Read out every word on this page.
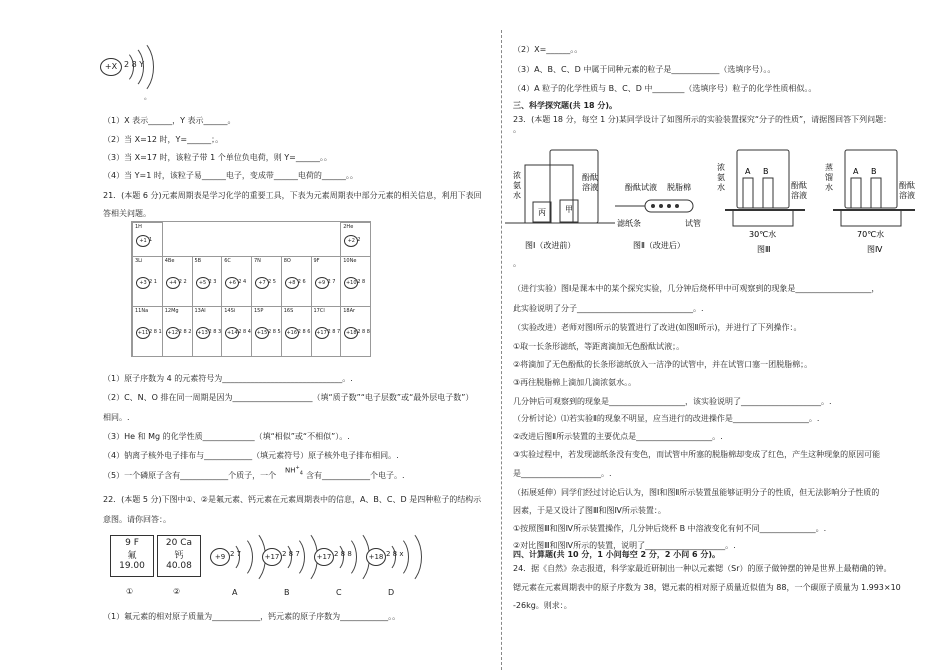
+X 2 8 Y
。
（1）X 表示______，Y 表示______。
（2）当 X=12 时，Y=______；。
（3）当 X=17 时，该粒子带 1 个单位负电荷，则 Y=______。。
（4）当 Y=1 时，该粒子易______电子，变成带______电荷的______。。
21．(本题 6 分)元素周期表是学习化学的重要工具，下表为元素周期表中部分元素的相关信息，利用下表回
答相关问题。
1H
+1 1
2He
+2 2
3Li
+3 2 1
4Be
+4 2 2
5B
+5 2 3
6C
+6 2 4
7N
+7 2 5
8O
+8 2 6
9F
+9 2 7
10Ne
+10 2 8
11Na
+11 2 8 1
12Mg
+12 2 8 2
13Al
+13 2 8 3
14Si
+14 2 8 4
15P
+15 2 8 5
16S
+16 2 8 6
17Cl
+17 2 8 7
18Ar
+18 2 8 8
（1）原子序数为 4 的元素符号为______________________________。.
（2）C、N、O 排在同一周期是因为____________________（填“质子数”“电子层数”或“最外层电子数”）
相同。.
（3）He 和 Mg 的化学性质_____________（填“相似”或“不相似”）。.
（4）钠离子核外电子排布与____________（填元素符号）原子核外电子排布相同。.
（5）一个磷原子含有____________个质子，一个
$NH^+_4$ 含有____________个电子。.
22．(本题 5 分)下图中①、②是氟元素、钙元素在元素周期表中的信息，A、B、C、D 是四种粒子的结构示
意图。请你回答：。
9 F
氟
19.00
①
20 Ca
钙
40.08
②
+9 2 7
A
+17 2 8 7
B
+17 2 8 8
C
+18 2 8 x
D
（1）氟元素的相对原子质量为____________，钙元素的原子序数为____________。。
（2）X=______。。
（3）A、B、C、D 中属于同种元素的粒子是____________（选填序号）。。
（4）A 粒子的化学性质与 B、C、D 中________（选填序号）粒子的化学性质相似。。
三、科学探究题(共 18 分)。
23．(本题 18 分，每空 1 分)某同学设计了如图所示的实验装置探究“分子的性质”，请据图回答下列问题：
。
浓氨水
丙 甲
酚酞溶液
图Ⅰ（改进前）
酚酞试液 脱脂棉
滤纸条	试管
图Ⅱ（改进后）
浓氨水
A B
酚酞溶液
30℃水
图Ⅲ
蒸馏水
A B
酚酞溶液
70℃水
图Ⅳ
。
（进行实验）图Ⅰ是课本中的某个探究实验，几分钟后烧杯甲中可观察到的现象是___________________，
此实验说明了分子_____________________________。.
（实验改进）老师对图Ⅰ所示的装置进行了改进(如图Ⅱ所示)，并进行了下列操作：。
①取一长条形滤纸，等距离滴加无色酚酞试液；。
②将滴加了无色酚酞的长条形滤纸放入一洁净的试管中，并在试管口塞一团脱脂棉；。
③再往脱脂棉上滴加几滴浓氨水。。
几分钟后可观察到的现象是___________________，该实验说明了____________________。.
（分析讨论）⑴若实验Ⅱ的现象不明显，应当进行的改进操作是___________________。.
②改进后图Ⅱ所示装置的主要优点是___________________。.
③实验过程中，若发现滤纸条没有变色，而试管中所塞的脱脂棉却变成了红色，产生这种现象的原因可能
是____________________。.
（拓展延伸）同学们经过讨论后认为，图Ⅰ和图Ⅱ所示装置虽能够证明分子的性质，但无法影响分子性质的
因素，于是又设计了图Ⅲ和图Ⅳ所示装置：。
①按照图Ⅲ和图Ⅳ所示装置操作，几分钟后烧杯 B 中溶液变化有何不同______________。.
②对比图Ⅲ和图Ⅳ所示的装置，说明了____________________。.
四、计算题(共 10 分，1 小问每空 2 分，2 小问 6 分)。
24．据《自然》杂志报道，科学家最近研制出一种以元素锶（Sr）的原子做钟摆的钟是世界上最精确的钟。
锶元素在元素周期表中的原子序数为 38，锶元素的相对原子质量近似值为 88，一个碳原子质量为 1.993×10
-26kg。则求：。
